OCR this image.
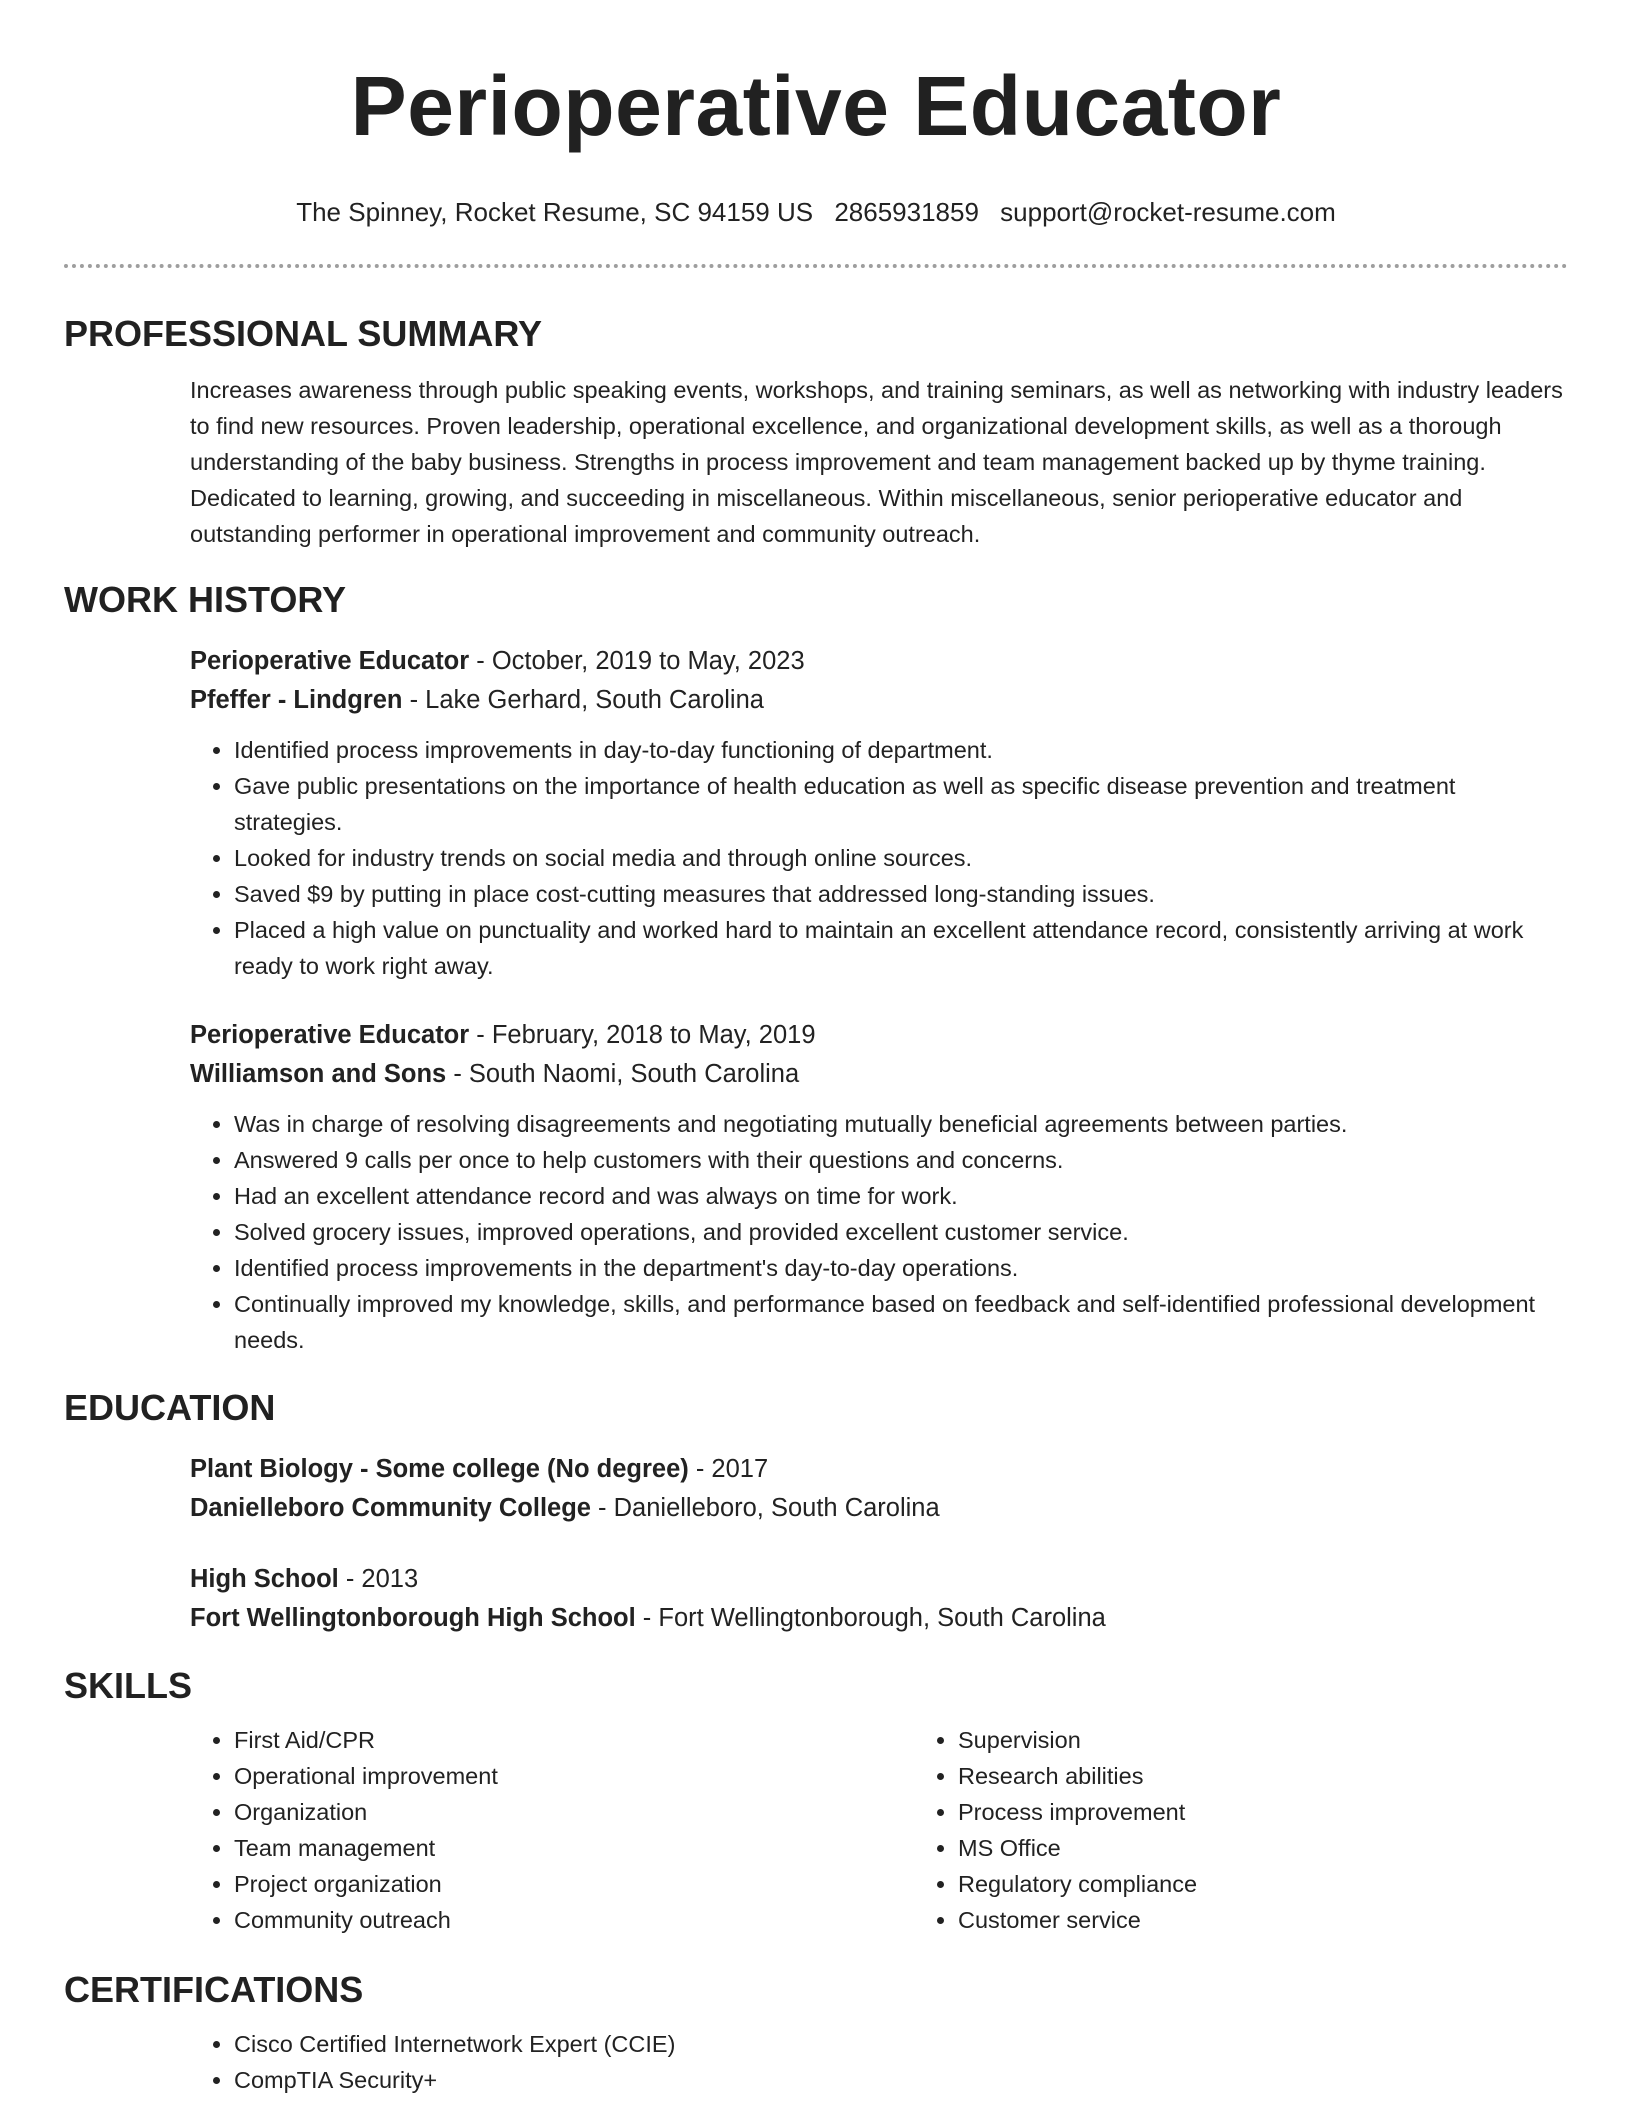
Perioperative Educator
The Spinney, Rocket Resume, SC 94159 US 2865931859 support@rocket-resume.com
PROFESSIONAL SUMMARY
Increases awareness through public speaking events, workshops, and training seminars, as well as networking with industry leaders to find new resources. Proven leadership, operational excellence, and organizational development skills, as well as a thorough understanding of the baby business. Strengths in process improvement and team management backed up by thyme training. Dedicated to learning, growing, and succeeding in miscellaneous. Within miscellaneous, senior perioperative educator and outstanding performer in operational improvement and community outreach.
WORK HISTORY
Perioperative Educator - October, 2019 to May, 2023
Pfeffer - Lindgren - Lake Gerhard, South Carolina
• Identified process improvements in day-to-day functioning of department.
• Gave public presentations on the importance of health education as well as specific disease prevention and treatment strategies.
• Looked for industry trends on social media and through online sources.
• Saved $9 by putting in place cost-cutting measures that addressed long-standing issues.
• Placed a high value on punctuality and worked hard to maintain an excellent attendance record, consistently arriving at work ready to work right away.
Perioperative Educator - February, 2018 to May, 2019
Williamson and Sons - South Naomi, South Carolina
• Was in charge of resolving disagreements and negotiating mutually beneficial agreements between parties.
• Answered 9 calls per once to help customers with their questions and concerns.
• Had an excellent attendance record and was always on time for work.
• Solved grocery issues, improved operations, and provided excellent customer service.
• Identified process improvements in the department's day-to-day operations.
• Continually improved my knowledge, skills, and performance based on feedback and self-identified professional development needs.
EDUCATION
Plant Biology - Some college (No degree) - 2017
Danielleboro Community College - Danielleboro, South Carolina
High School - 2013
Fort Wellingtonborough High School - Fort Wellingtonborough, South Carolina
SKILLS
• First Aid/CPR
• Operational improvement
• Organization
• Team management
• Project organization
• Community outreach
• Supervision
• Research abilities
• Process improvement
• MS Office
• Regulatory compliance
• Customer service
CERTIFICATIONS
• Cisco Certified Internetwork Expert (CCIE)
• CompTIA Security+
